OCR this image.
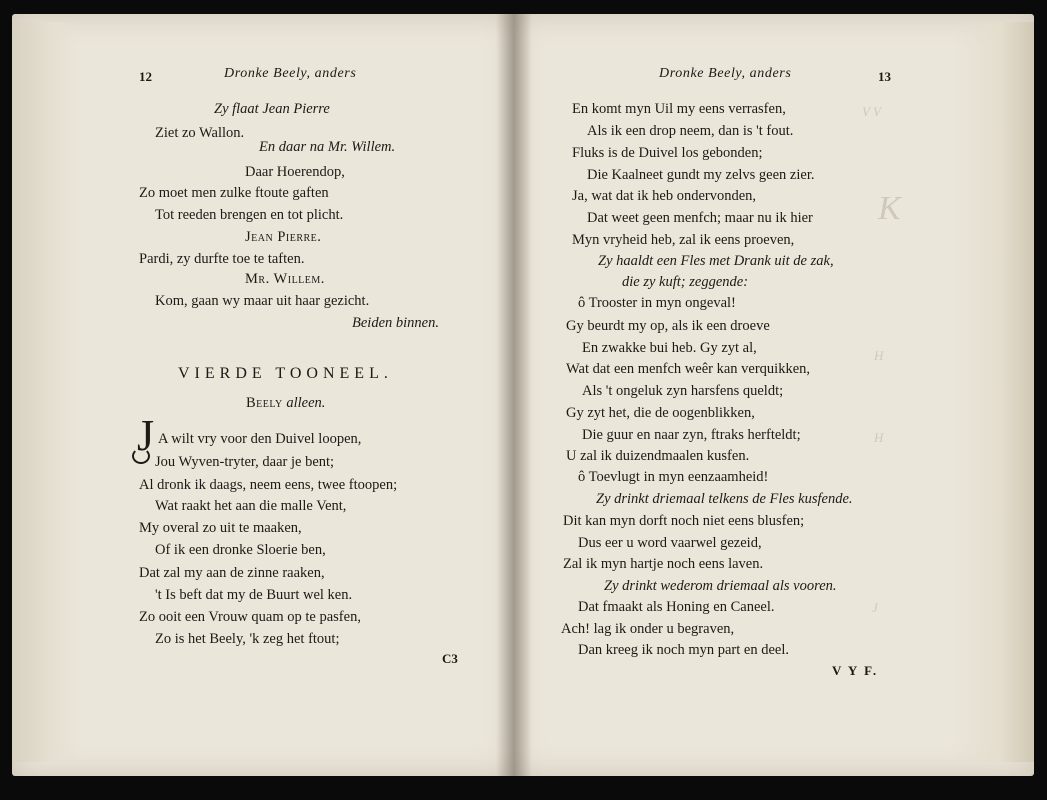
V V
K
H
H
J
12	Dronke Beely, anders
Zy flaat Jean Pierre
Ziet zo Wallon.
En daar na Mr. Willem.
Daar Hoerendop,
Zo moet men zulke ftoute gaften
Tot reeden brengen en tot plicht.
Jean Pierre.
Pardi, zy durfte toe te taften.
Mr. Willem.
Kom, gaan wy maar uit haar gezicht.
Beiden binnen.
VIERDE TOONEEL.
Beely alleen.
J A wilt vry voor den Duivel loopen,
Jou Wyven-tryter, daar je bent;
Al dronk ik daags, neem eens, twee ftoopen;
Wat raakt het aan die malle Vent,
My overal zo uit te maaken,
Of ik een dronke Sloerie ben,
Dat zal my aan de zinne raaken,
't Is beft dat my de Buurt wel ken.
Zo ooit een Vrouw quam op te pasfen,
Zo is het Beely, 'k zeg het ftout;
C3
Dronke Beely, anders	13
En komt myn Uil my eens verrasfen,
Als ik een drop neem, dan is 't fout.
Fluks is de Duivel los gebonden;
Die Kaalneet gundt my zelvs geen zier.
Ja, wat dat ik heb ondervonden,
Dat weet geen menfch; maar nu ik hier
Myn vryheid heb, zal ik eens proeven,
Zy haaldt een Fles met Drank uit de zak,
die zy kuft; zeggende:
ô Trooster in myn ongeval!
Gy beurdt my op, als ik een droeve
En zwakke bui heb. Gy zyt al,
Wat dat een menfch weêr kan verquikken,
Als 't ongeluk zyn harsfens queldt;
Gy zyt het, die de oogenblikken,
Die guur en naar zyn, ftraks herfteldt;
U zal ik duizendmaalen kusfen.
ô Toevlugt in myn eenzaamheid!
Zy drinkt driemaal telkens de Fles kusfende.
Dit kan myn dorft noch niet eens blusfen;
Dus eer u word vaarwel gezeid,
Zal ik myn hartje noch eens laven.
Zy drinkt wederom driemaal als vooren.
Dat fmaakt als Honing en Caneel.
Ach! lag ik onder u begraven,
Dan kreeg ik noch myn part en deel.
V Y F.
